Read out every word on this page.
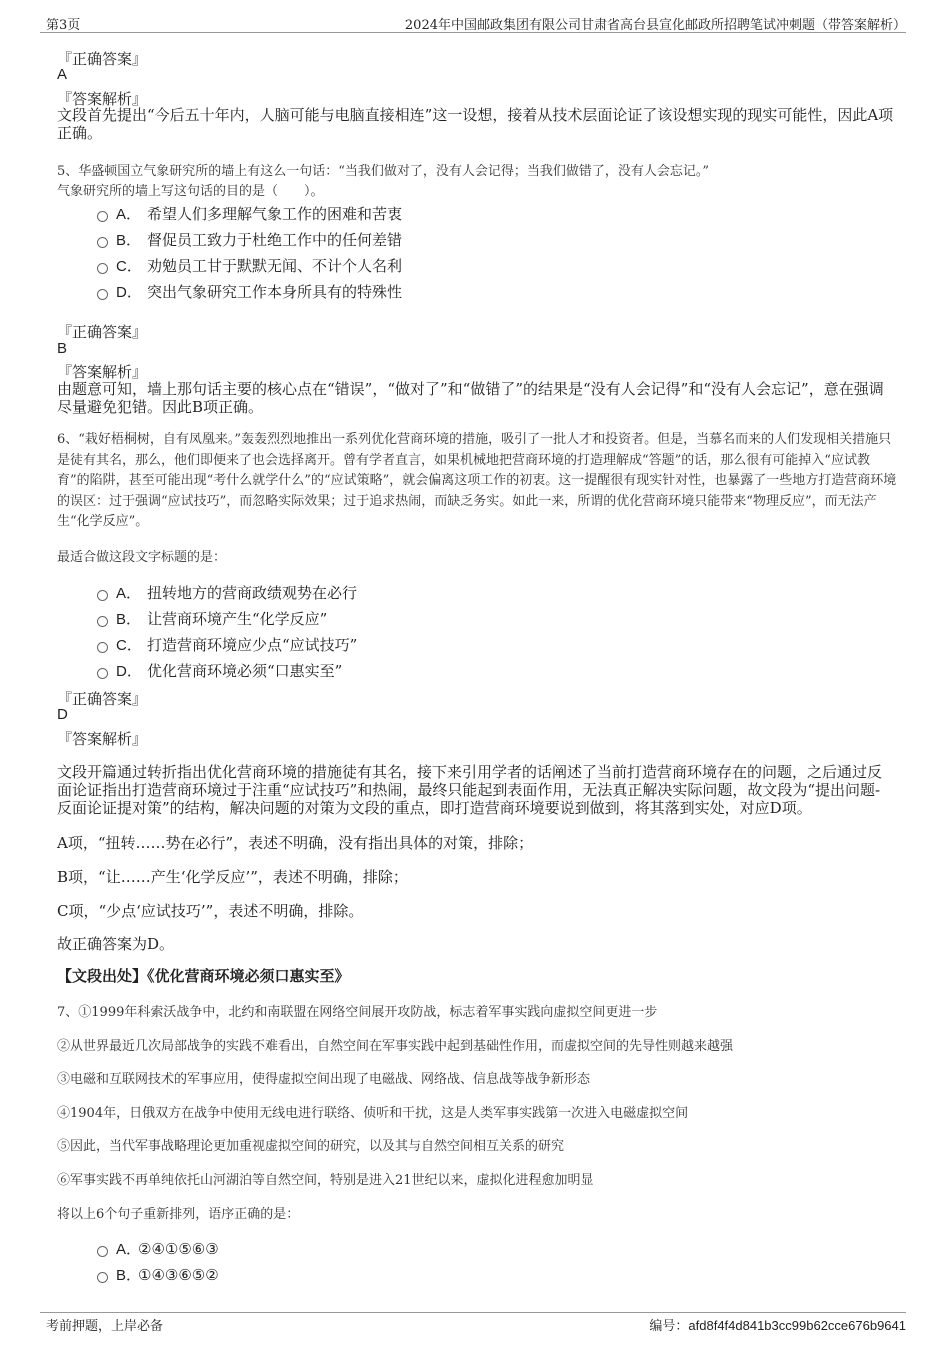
第3页	2024年中国邮政集团有限公司甘肃省高台县宣化邮政所招聘笔试冲刺题（带答案解析）
『正确答案』
A
『答案解析』
文段首先提出“今后五十年内，人脑可能与电脑直接相连”这一设想，接着从技术层面论证了该设想实现的现实可能性，因此A项正确。
5、华盛顿国立气象研究所的墙上有这么一句话：“当我们做对了，没有人会记得；当我们做错了，没有人会忘记。”
气象研究所的墙上写这句话的目的是（　　）。
A． 希望人们多理解气象工作的困难和苦衷
B． 督促员工致力于杜绝工作中的任何差错
C． 劝勉员工甘于默默无闻、不计个人名利
D． 突出气象研究工作本身所具有的特殊性
『正确答案』
B
『答案解析』
由题意可知，墙上那句话主要的核心点在“错误”，“做对了”和“做错了”的结果是“没有人会记得”和“没有人会忘记”，意在强调尽量避免犯错。因此B项正确。
6、“栽好梧桐树，自有凤凰来。”轰轰烈烈地推出一系列优化营商环境的措施，吸引了一批人才和投资者。但是，当慕名而来的人们发现相关措施只是徒有其名，那么，他们即便来了也会选择离开。曾有学者直言，如果机械地把营商环境的打造理解成“答题”的话，那么很有可能掉入“应试教育”的陷阱，甚至可能出现“考什么就学什么”的“应试策略”，就会偏离这项工作的初衷。这一提醒很有现实针对性，也暴露了一些地方打造营商环境的误区：过于强调“应试技巧”，而忽略实际效果；过于追求热闹，而缺乏务实。如此一来，所谓的优化营商环境只能带来“物理反应”，而无法产生“化学反应”。
最适合做这段文字标题的是：
A． 扭转地方的营商政绩观势在必行
B． 让营商环境产生“化学反应”
C． 打造营商环境应少点“应试技巧”
D． 优化营商环境必须“口惠实至”
『正确答案』
D
『答案解析』
文段开篇通过转折指出优化营商环境的措施徒有其名，接下来引用学者的话阐述了当前打造营商环境存在的问题，之后通过反面论证指出打造营商环境过于注重“应试技巧”和热闹，最终只能起到表面作用，无法真正解决实际问题，故文段为“提出问题-反面论证提对策”的结构，解决问题的对策为文段的重点，即打造营商环境要说到做到，将其落到实处，对应D项。
A项，“扭转……势在必行”，表述不明确，没有指出具体的对策，排除；
B项，“让……产生‘化学反应’”，表述不明确，排除；
C项，“少点‘应试技巧’”，表述不明确，排除。
故正确答案为D。
【文段出处】《优化营商环境必须口惠实至》
7、①1999年科索沃战争中，北约和南联盟在网络空间展开攻防战，标志着军事实践向虚拟空间更进一步
②从世界最近几次局部战争的实践不难看出，自然空间在军事实践中起到基础性作用，而虚拟空间的先导性则越来越强
③电磁和互联网技术的军事应用，使得虚拟空间出现了电磁战、网络战、信息战等战争新形态
④1904年，日俄双方在战争中使用无线电进行联络、侦听和干扰，这是人类军事实践第一次进入电磁虚拟空间
⑤因此，当代军事战略理论更加重视虚拟空间的研究，以及其与自然空间相互关系的研究
⑥军事实践不再单纯依托山河湖泊等自然空间，特别是进入21世纪以来，虚拟化进程愈加明显
将以上6个句子重新排列，语序正确的是：
A．
②④①⑤⑥③
B．
①④③⑥⑤②
考前押题，上岸必备	编号：afd8f4f4d841b3cc99b62cce676b9641
